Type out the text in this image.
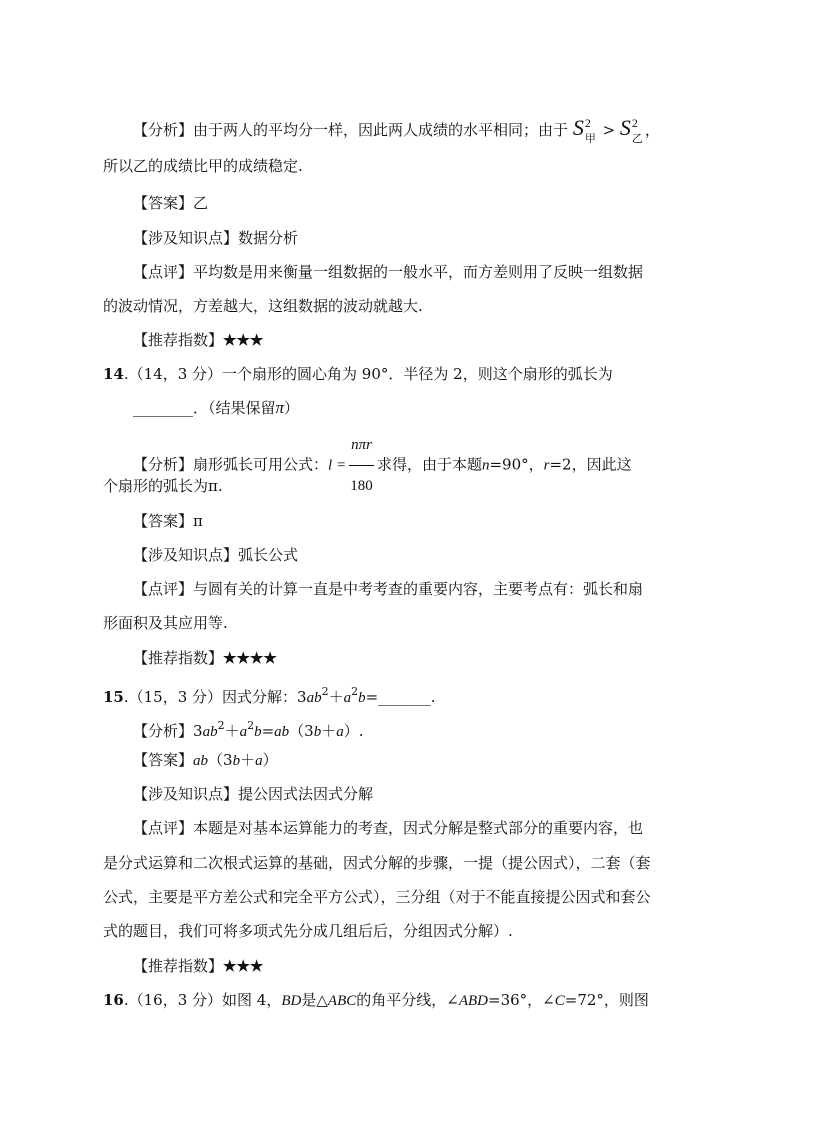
【分析】由于两人的平均分一样，因此两人成绩的水平相同；由于 S 2
甲 > S 2
乙 ，
所以乙的成绩比甲的成绩稳定.
【答案】乙
【涉及知识点】数据分析
【点评】平均数是用来衡量一组数据的一般水平，而方差则用了反映一组数据
的波动情况，方差越大，这组数据的波动就越大.
【推荐指数】★★★
14.（14，3 分）一个扇形的圆心角为 90°．半径为 2，则这个扇形的弧长为
________．（结果保留π）
【分析】扇形弧长可用公式：$l = \frac{\text{nπr}}{180}$ 求得，由于本题n=90°，r=2，因此这
个扇形的弧长为π.
【答案】π
【涉及知识点】弧长公式
【点评】与圆有关的计算一直是中考考查的重要内容，主要考点有：弧长和扇
形面积及其应用等.
【推荐指数】★★★★
15.（15，3 分）因式分解：$3ab^2+a^2b=\_\_\_\_\_\_\_$.
【分析】$3ab^2+a^2b=ab(3b+a)$.
【答案】ab（3b＋a）
【涉及知识点】提公因式法因式分解
【点评】本题是对基本运算能力的考查，因式分解是整式部分的重要内容，也
是分式运算和二次根式运算的基础，因式分解的步骤，一提（提公因式），二套（套
公式，主要是平方差公式和完全平方公式），三分组（对于不能直接提公因式和套公
式的题目，我们可将多项式先分成几组后后，分组因式分解）.
【推荐指数】★★★
16.（16，3 分）如图 4，BD是△ABC的角平分线，∠ABD=36°，∠C=72°，则图
